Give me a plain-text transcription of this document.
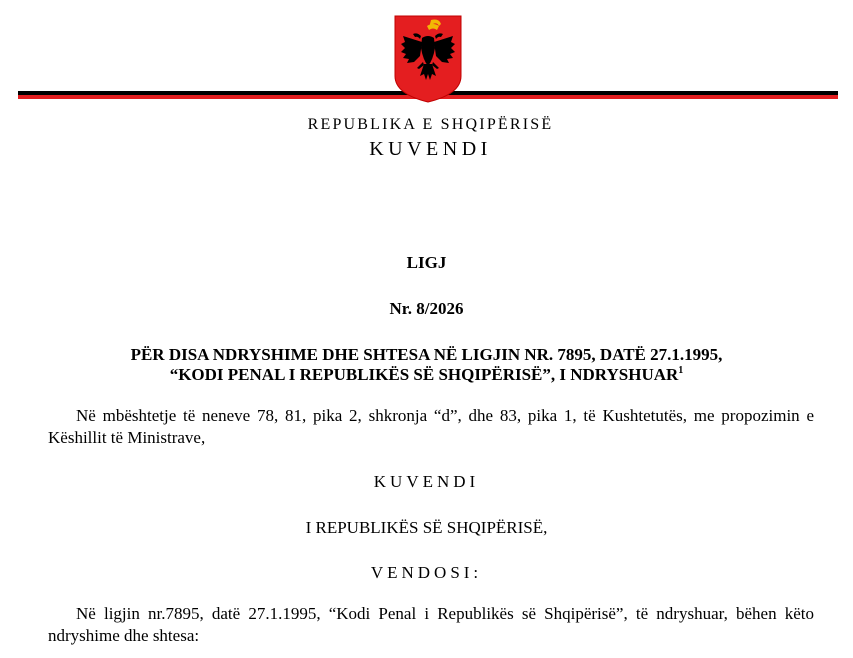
REPUBLIKA E SHQIPËRISË
KUVENDI
LIGJ
Nr. 8/2026
PËR DISA NDRYSHIME DHE SHTESA NË LIGJIN NR. 7895, DATË 27.1.1995,
“KODI PENAL I REPUBLIKËS SË SHQIPËRISË”, I NDRYSHUAR$^1$
Në mbështetje të neneve 78, 81, pika 2, shkronja “d”, dhe 83, pika 1, të Kushtetutës, me propozimin e Këshillit të Ministrave,
KUVENDI
I REPUBLIKËS SË SHQIPËRISË,
VENDOSI:
Në ligjin nr.7895, datë 27.1.1995, “Kodi Penal i Republikës së Shqipërisë”, të ndryshuar, bëhen këto ndryshime dhe shtesa:
